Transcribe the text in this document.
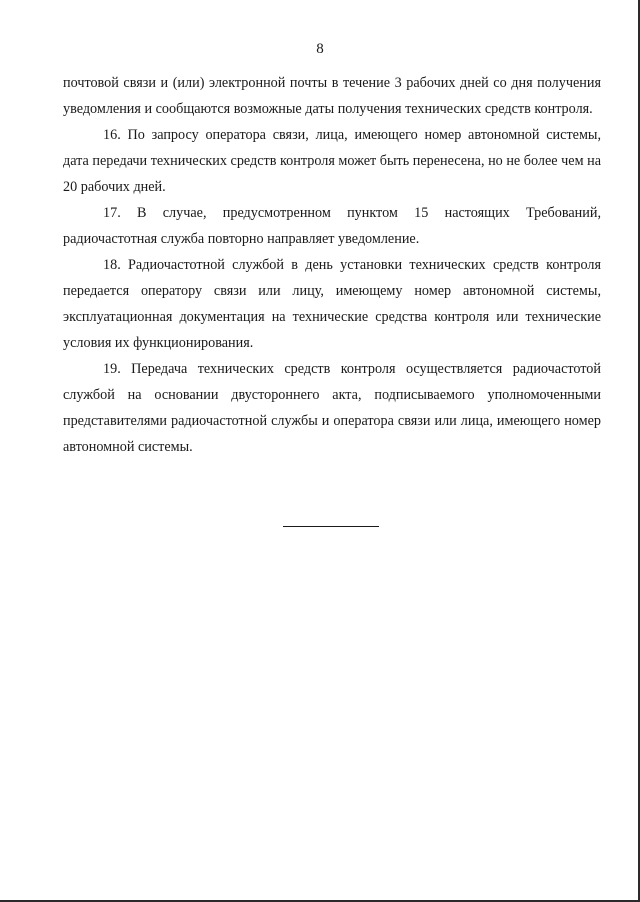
8

почтовой связи и (или) электронной почты в течение 3 рабочих дней со дня получения уведомления и сообщаются возможные даты получения технических средств контроля.

16. По запросу оператора связи, лица, имеющего номер автономной системы, дата передачи технических средств контроля может быть перенесена, но не более чем на 20 рабочих дней.

17. В случае, предусмотренном пунктом 15 настоящих Требований, радиочастотная служба повторно направляет уведомление.

18. Радиочастотной службой в день установки технических средств контроля передается оператору связи или лицу, имеющему номер автономной системы, эксплуатационная документация на технические средства контроля или технические условия их функционирования.

19. Передача технических средств контроля осуществляется радиочастотой службой на основании двустороннего акта, подписываемого уполномоченными представителями радиочастотной службы и оператора связи или лица, имеющего номер автономной системы.
